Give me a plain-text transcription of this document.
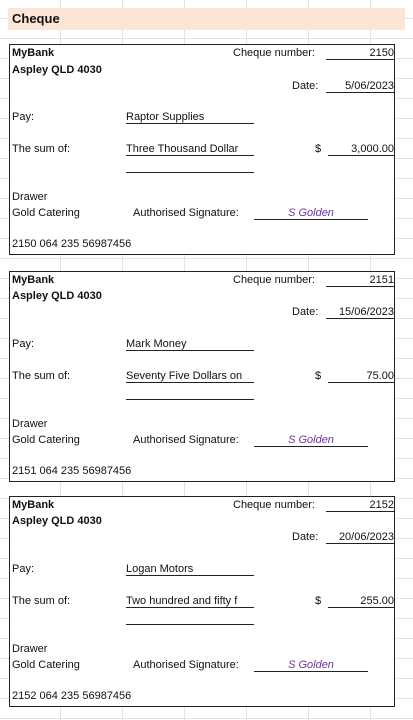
Cheque
MyBank
Aspley QLD 4030
Cheque number:	2150
Date:	5/06/2023
Pay:	Raptor Supplies
The sum of:	Three Thousand Dollar	$	3,000.00
Drawer
Gold Catering	Authorised Signature:	S Golden
2150 064 235 56987456
MyBank
Aspley QLD 4030
Cheque number:	2151
Date:	15/06/2023
Pay:	Mark Money
The sum of:	Seventy Five Dollars on	$	75.00
Drawer
Gold Catering	Authorised Signature:	S Golden
2151 064 235 56987456
MyBank
Aspley QLD 4030
Cheque number:	2152
Date:	20/06/2023
Pay:	Logan Motors
The sum of:	Two hundred and fifty f	$	255.00
Drawer
Gold Catering	Authorised Signature:	S Golden
2152 064 235 56987456
